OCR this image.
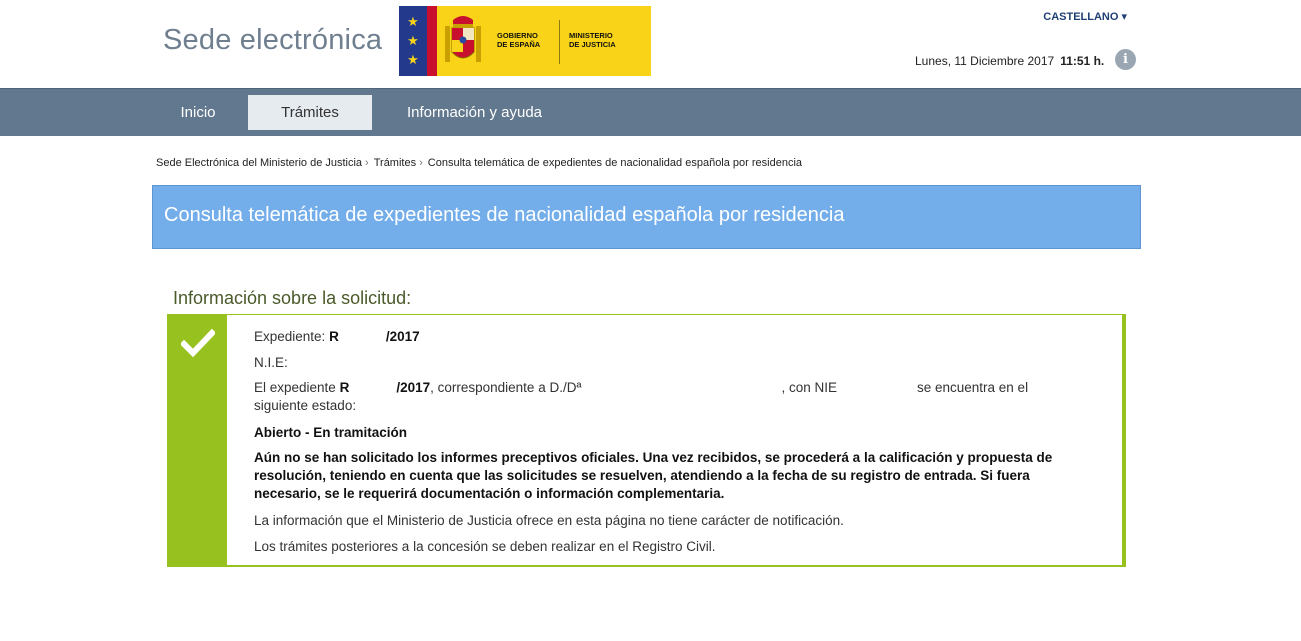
Sede electrónica
★ ★ ★
GOBIERNO
DE ESPAÑA
MINISTERIO
DE JUSTICIA
CASTELLANO ▾
Lunes, 11 Diciembre 2017 11:51 h.	i
Inicio	Trámites	Información y ayuda
Sede Electrónica del Ministerio de Justicia › Trámites › Consulta telemática de expedientes de nacionalidad española por residencia
Consulta telemática de expedientes de nacionalidad española por residencia
Información sobre la solicitud:
Expediente: R	/2017
N.I.E:
El expediente R	/2017, correspondiente a D./Dª	, con NIE	se encuentra en el
siguiente estado:
Abierto - En tramitación
Aún no se han solicitado los informes preceptivos oficiales. Una vez recibidos, se procederá a la calificación y propuesta de resolución, teniendo en cuenta que las solicitudes se resuelven, atendiendo a la fecha de su registro de entrada. Si fuera necesario, se le requerirá documentación o información complementaria.
La información que el Ministerio de Justicia ofrece en esta página no tiene carácter de notificación.
Los trámites posteriores a la concesión se deben realizar en el Registro Civil.
